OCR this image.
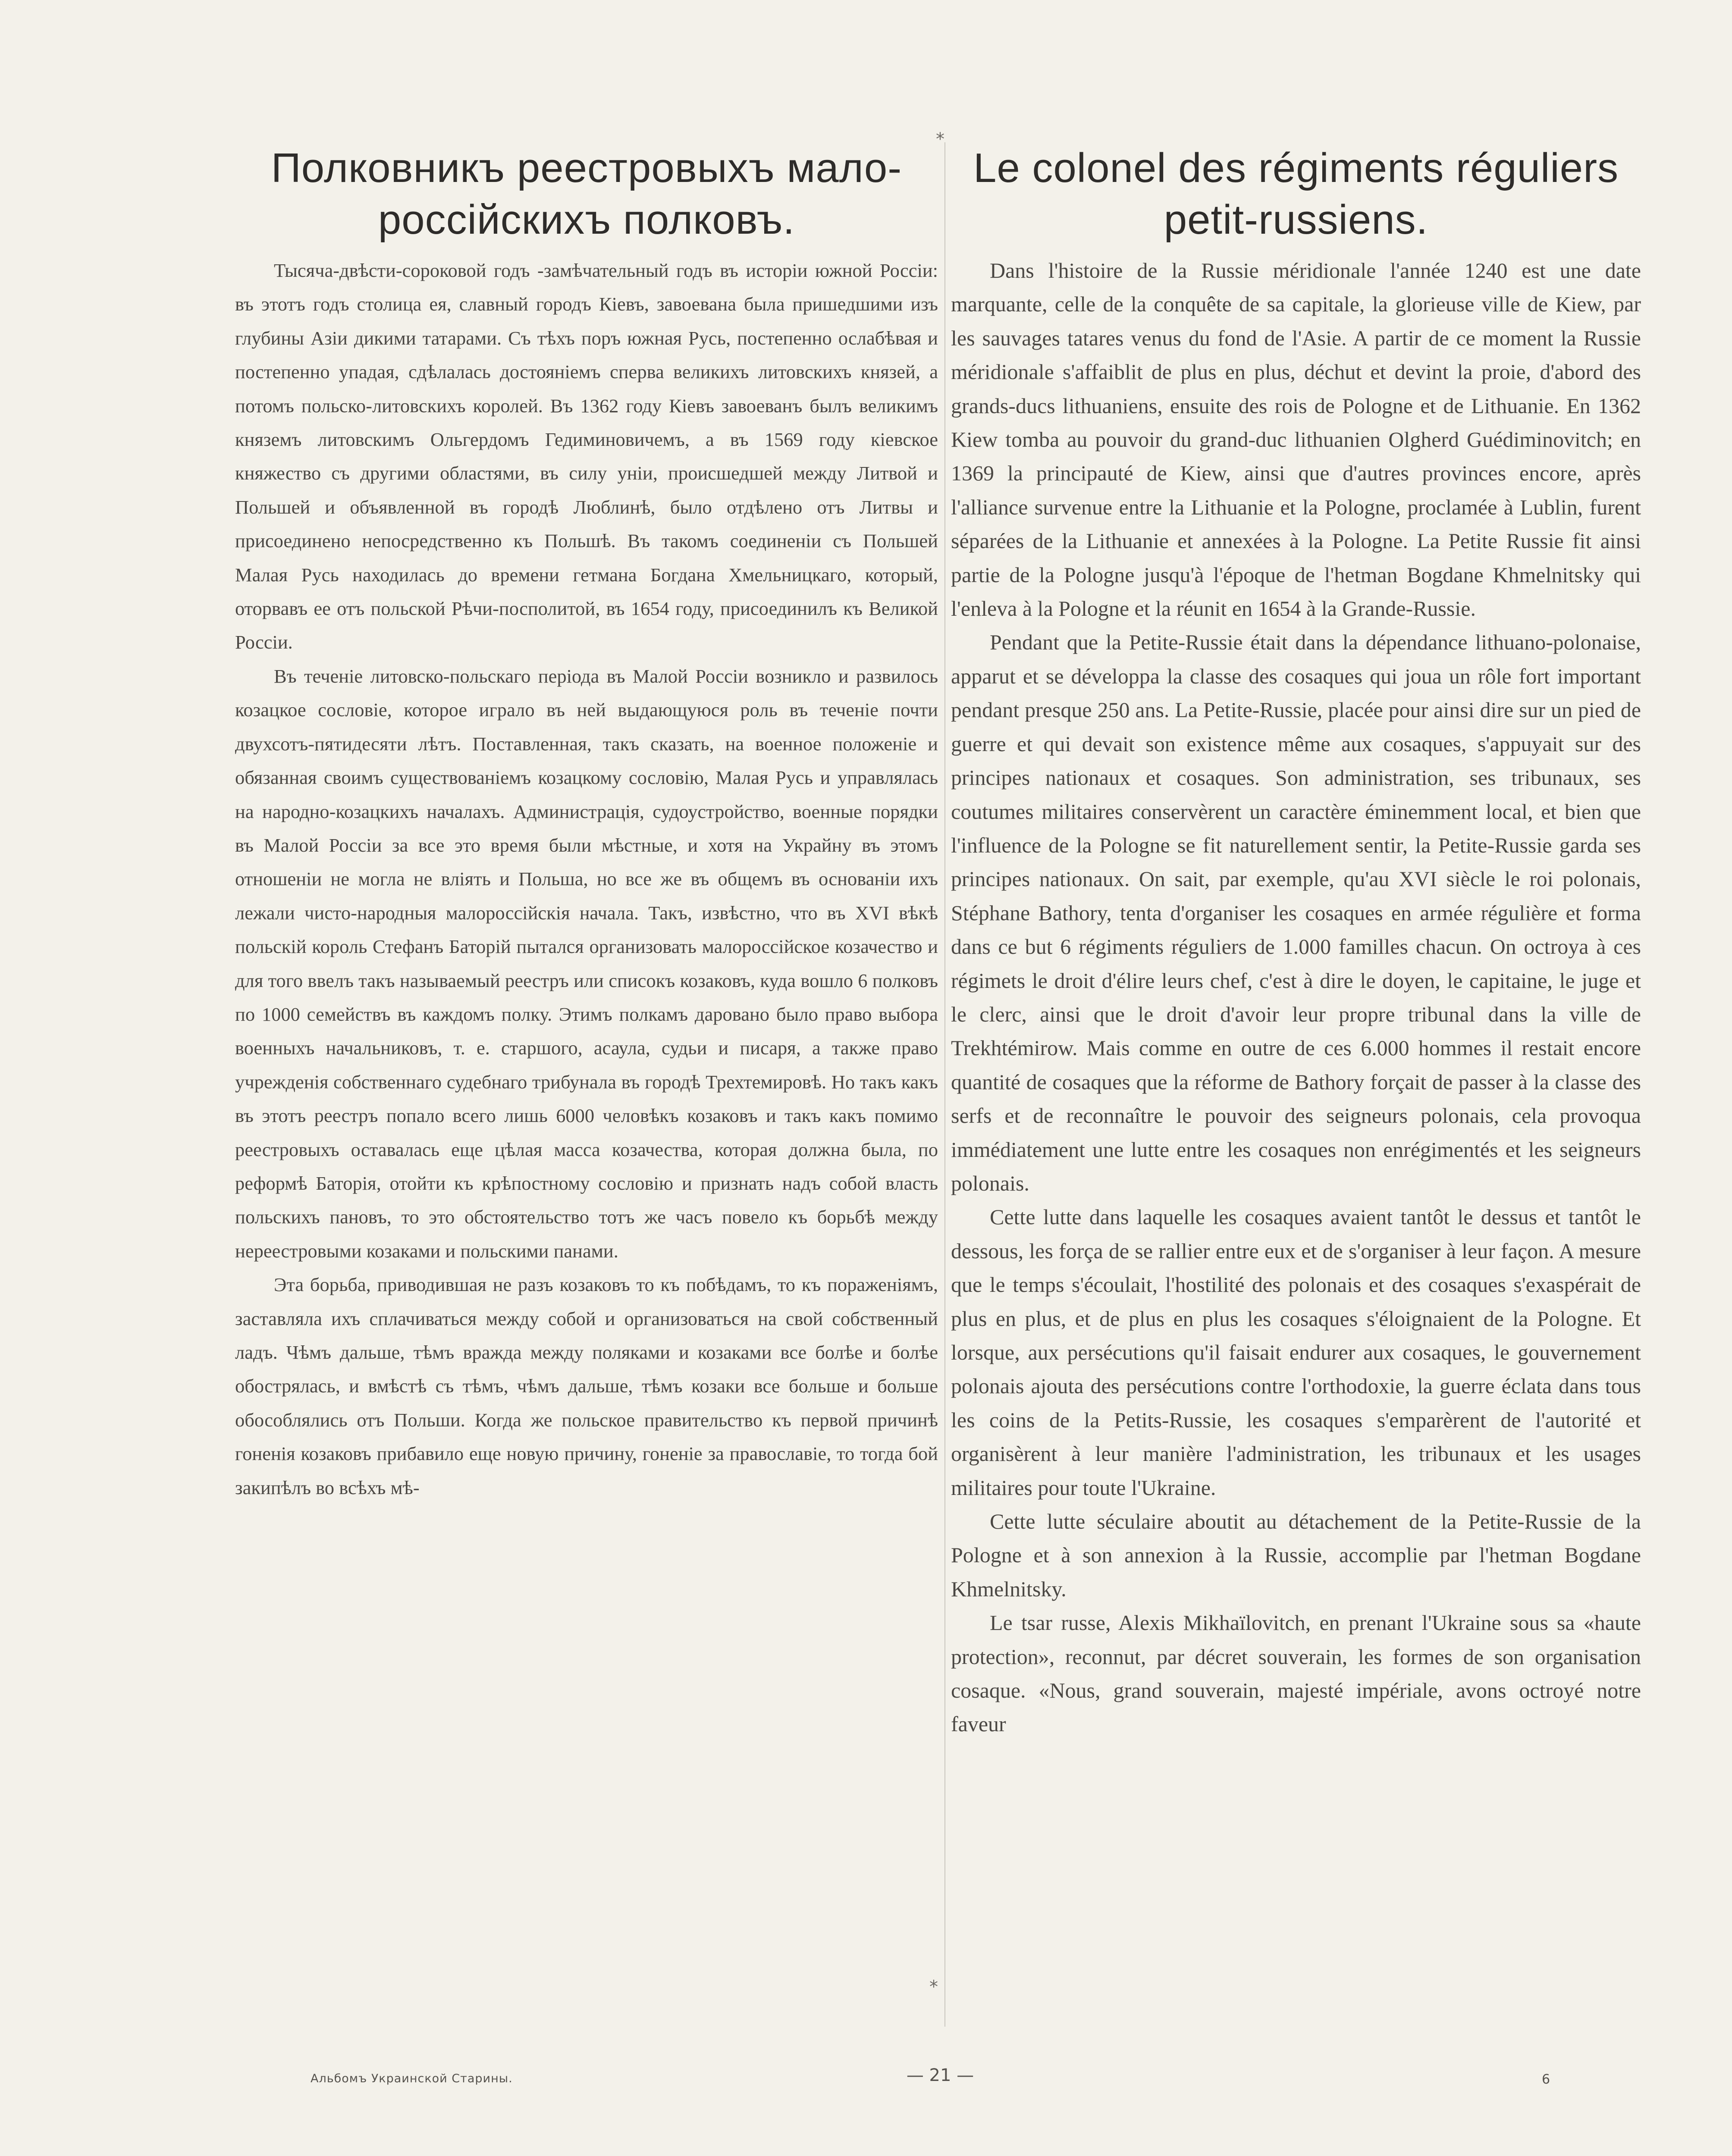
*
*
Полковникъ реестровыхъ мало-россійскихъ полковъ.

Тысяча-двѣсти-сороковой годъ -замѣчательный годъ въ исторіи южной Россіи: въ этотъ годъ столица ея, славный городъ Кіевъ, завоевана была пришедшими изъ глубины Азіи дикими татарами. Съ тѣхъ поръ южная Русь, постепенно ослабѣвая и постепенно упадая, сдѣлалась достояніемъ сперва великихъ литовскихъ князей, а потомъ польско-литовскихъ королей. Въ 1362 году Кіевъ завоеванъ былъ великимъ княземъ литовскимъ Ольгердомъ Гедиминовичемъ, а въ 1569 году кіевское княжество съ другими областями, въ силу уніи, происшедшей между Литвой и Польшей и объявленной въ городѣ Люблинѣ, было отдѣлено отъ Литвы и присоединено непосредственно къ Польшѣ. Въ такомъ соединеніи съ Польшей Малая Русь находилась до времени гетмана Богдана Хмельницкаго, который, оторвавъ ее отъ польской Рѣчи-посполитой, въ 1654 году, присоединилъ къ Великой Россіи.

Въ теченіе литовско-польскаго періода въ Малой Россіи возникло и развилось козацкое сословіе, которое играло въ ней выдающуюся роль въ теченіе почти двухсотъ-пятидесяти лѣтъ. Поставленная, такъ сказать, на военное положеніе и обязанная своимъ существованіемъ козацкому сословію, Малая Русь и управлялась на народно-козацкихъ началахъ. Администрація, судоустройство, военные порядки въ Малой Россіи за все это время были мѣстные, и хотя на Украйну въ этомъ отношеніи не могла не вліять и Польша, но все же въ общемъ въ основаніи ихъ лежали чисто-народныя малороссійскія начала. Такъ, извѣстно, что въ XVI вѣкѣ польскій король Стефанъ Баторій пытался организовать малороссійское козачество и для того ввелъ такъ называемый реестръ или списокъ козаковъ, куда вошло 6 полковъ по 1000 семействъ въ каждомъ полку. Этимъ полкамъ даровано было право выбора военныхъ начальниковъ, т. е. старшого, асаула, судьи и писаря, а также право учрежденія собственнаго судебнаго трибунала въ городѣ Трехтемировѣ. Но такъ какъ въ этотъ реестръ попало всего лишь 6000 человѣкъ козаковъ и такъ какъ помимо реестровыхъ оставалась еще цѣлая масса козачества, которая должна была, по реформѣ Баторія, отойти къ крѣпостному сословію и признать надъ собой власть польскихъ пановъ, то это обстоятельство тотъ же часъ повело къ борьбѣ между нереестровыми козаками и польскими панами.

Эта борьба, приводившая не разъ козаковъ то къ побѣдамъ, то къ пораженіямъ, заставляла ихъ сплачиваться между собой и организоваться на свой собственный ладъ. Чѣмъ дальше, тѣмъ вражда между поляками и козаками все болѣе и болѣе обострялась, и вмѣстѣ съ тѣмъ, чѣмъ дальше, тѣмъ козаки все больше и больше обособлялись отъ Польши. Когда же польское правительство къ первой причинѣ гоненія козаковъ прибавило еще новую причину, гоненіе за православіе, то тогда бой закипѣлъ во всѣхъ мѣ-

Le colonel des régiments réguliers petit-russiens.

Dans l'histoire de la Russie méridionale l'année 1240 est une date marquante, celle de la conquête de sa capitale, la glorieuse ville de Kiew, par les sauvages tatares venus du fond de l'Asie. A partir de ce moment la Russie méridionale s'affaiblit de plus en plus, déchut et devint la proie, d'abord des grands-ducs lithuaniens, ensuite des rois de Pologne et de Lithuanie. En 1362 Kiew tomba au pouvoir du grand-duc lithuanien Olgherd Guédiminovitch; en 1369 la principauté de Kiew, ainsi que d'autres provinces encore, après l'alliance survenue entre la Lithuanie et la Pologne, proclamée à Lublin, furent séparées de la Lithuanie et annexées à la Pologne. La Petite Russie fit ainsi partie de la Pologne jusqu'à l'époque de l'hetman Bogdane Khmelnitsky qui l'enleva à la Pologne et la réunit en 1654 à la Grande-Russie.

Pendant que la Petite-Russie était dans la dépendance lithuano-polonaise, apparut et se développa la classe des cosaques qui joua un rôle fort important pendant presque 250 ans. La Petite-Russie, placée pour ainsi dire sur un pied de guerre et qui devait son existence même aux cosaques, s'appuyait sur des principes nationaux et cosaques. Son administration, ses tribunaux, ses coutumes militaires conservèrent un caractère éminemment local, et bien que l'influence de la Pologne se fit naturellement sentir, la Petite-Russie garda ses principes nationaux. On sait, par exemple, qu'au XVI siècle le roi polonais, Stéphane Bathory, tenta d'organiser les cosaques en armée régulière et forma dans ce but 6 régiments réguliers de 1.000 familles chacun. On octroya à ces régimets le droit d'élire leurs chef, c'est à dire le doyen, le capitaine, le juge et le clerc, ainsi que le droit d'avoir leur propre tribunal dans la ville de Trekhtémirow. Mais comme en outre de ces 6.000 hommes il restait encore quantité de cosaques que la réforme de Bathory forçait de passer à la classe des serfs et de reconnaître le pouvoir des seigneurs polonais, cela provoqua immédiatement une lutte entre les cosaques non enrégimentés et les seigneurs polonais.

Cette lutte dans laquelle les cosaques avaient tantôt le dessus et tantôt le dessous, les força de se rallier entre eux et de s'organiser à leur façon. A mesure que le temps s'écoulait, l'hostilité des polonais et des cosaques s'exaspérait de plus en plus, et de plus en plus les cosaques s'éloignaient de la Pologne. Et lorsque, aux persécutions qu'il faisait endurer aux cosaques, le gouvernement polonais ajouta des persécutions contre l'orthodoxie, la guerre éclata dans tous les coins de la Petits-Russie, les cosaques s'emparèrent de l'autorité et organisèrent à leur manière l'administration, les tribunaux et les usages militaires pour toute l'Ukraine.

Cette lutte séculaire aboutit au détachement de la Petite-Russie de la Pologne et à son annexion à la Russie, accomplie par l'hetman Bogdane Khmelnitsky.

Le tsar russe, Alexis Mikhaïlovitch, en prenant l'Ukraine sous sa «haute protection», reconnut, par décret souverain, les formes de son organisation cosaque. «Nous, grand souverain, majesté impériale, avons octroyé notre faveur

Альбомъ Украинской Старины.	— 21 —	6
